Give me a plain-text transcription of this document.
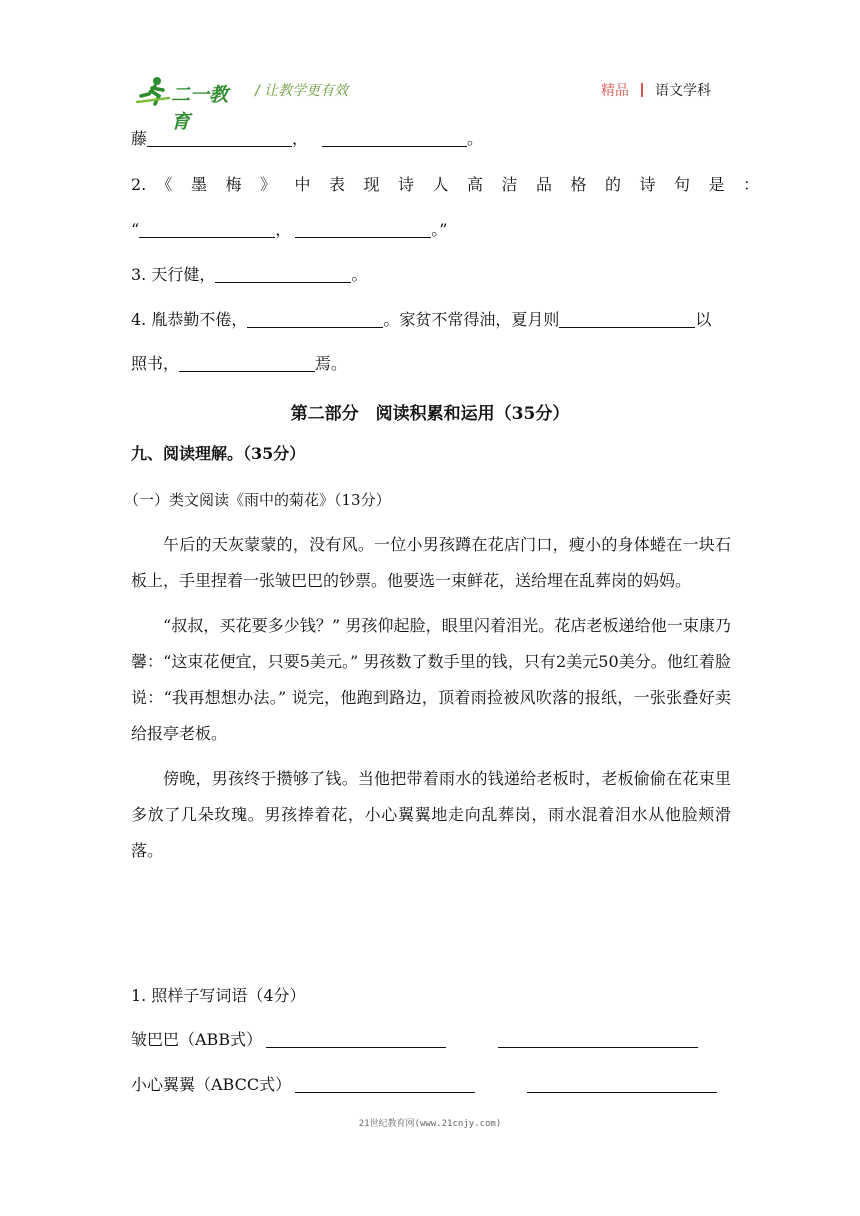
二一教育
/ 让教学更有效	精品 语文学科
藤	，	。
2. 《墨梅》中表现诗人高洁品格的诗句是：
“	，	。”
3. 天行健，	。
4. 胤恭勤不倦，	。家贫不常得油，夏月则	以
照书，	焉。
第二部分　阅读积累和运用（35分）
九、阅读理解。（35分）
（一）类文阅读《雨中的菊花》（13分）

午后的天灰蒙蒙的，没有风。一位小男孩蹲在花店门口，瘦小的身体蜷在一块石板上，手里捏着一张皱巴巴的钞票。他要选一束鲜花，送给埋在乱葬岗的妈妈。

“叔叔，买花要多少钱？” 男孩仰起脸，眼里闪着泪光。花店老板递给他一束康乃馨：“这束花便宜，只要5美元。” 男孩数了数手里的钱，只有2美元50美分。他红着脸说：“我再想想办法。” 说完，他跑到路边，顶着雨捡被风吹落的报纸，一张张叠好卖给报亭老板。

傍晚，男孩终于攒够了钱。当他把带着雨水的钱递给老板时，老板偷偷在花束里多放了几朵玫瑰。男孩捧着花，小心翼翼地走向乱葬岗，雨水混着泪水从他脸颊滑落。

1. 照样子写词语（4分）
皱巴巴（ABB式）
小心翼翼（ABCC式）
21世纪教育网(www.21cnjy.com)
